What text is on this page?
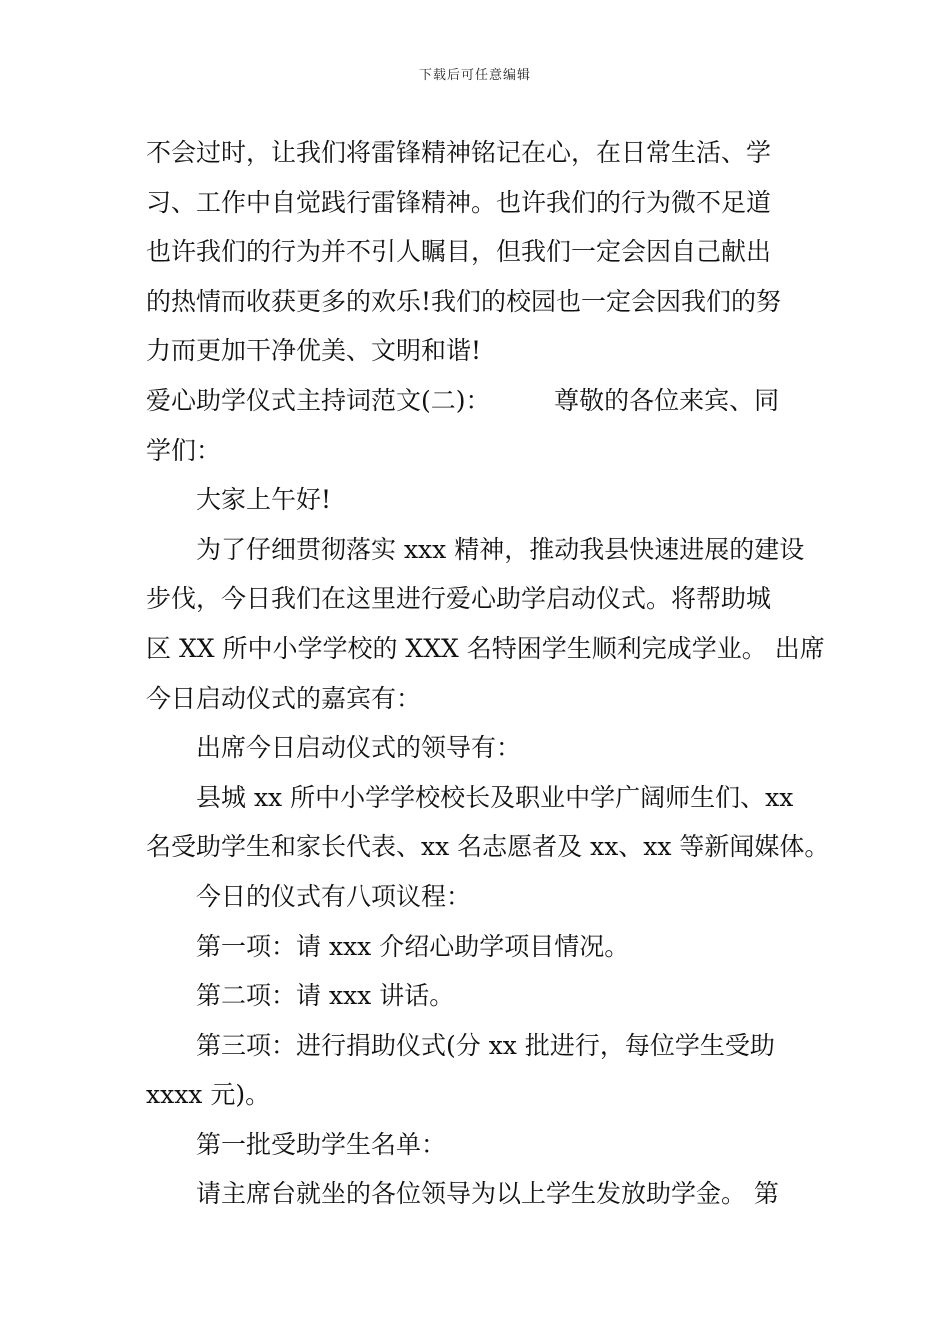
下载后可任意编辑
不会过时，让我们将雷锋精神铭记在心，在日常生活、学
习、工作中自觉践行雷锋精神。也许我们的行为微不足道
也许我们的行为并不引人瞩目，但我们一定会因自己献出
的热情而收获更多的欢乐!我们的校园也一定会因我们的努
力而更加干净优美、文明和谐!
爱心助学仪式主持词范文(二)：        尊敬的各位来宾、同
学们：
大家上午好!
为了仔细贯彻落实 xxx 精神，推动我县快速进展的建设
步伐，今日我们在这里进行爱心助学启动仪式。将帮助城
区 XX 所中小学学校的 XXX 名特困学生顺利完成学业。 出席
今日启动仪式的嘉宾有：
出席今日启动仪式的领导有：
县城 xx 所中小学学校校长及职业中学广阔师生们、xx
名受助学生和家长代表、xx 名志愿者及 xx、xx 等新闻媒体。
今日的仪式有八项议程：
第一项：请 xxx 介绍心助学项目情况。
第二项：请 xxx 讲话。
第三项：进行捐助仪式(分 xx 批进行，每位学生受助
xxxx 元)。
第一批受助学生名单：
请主席台就坐的各位领导为以上学生发放助学金。 第
